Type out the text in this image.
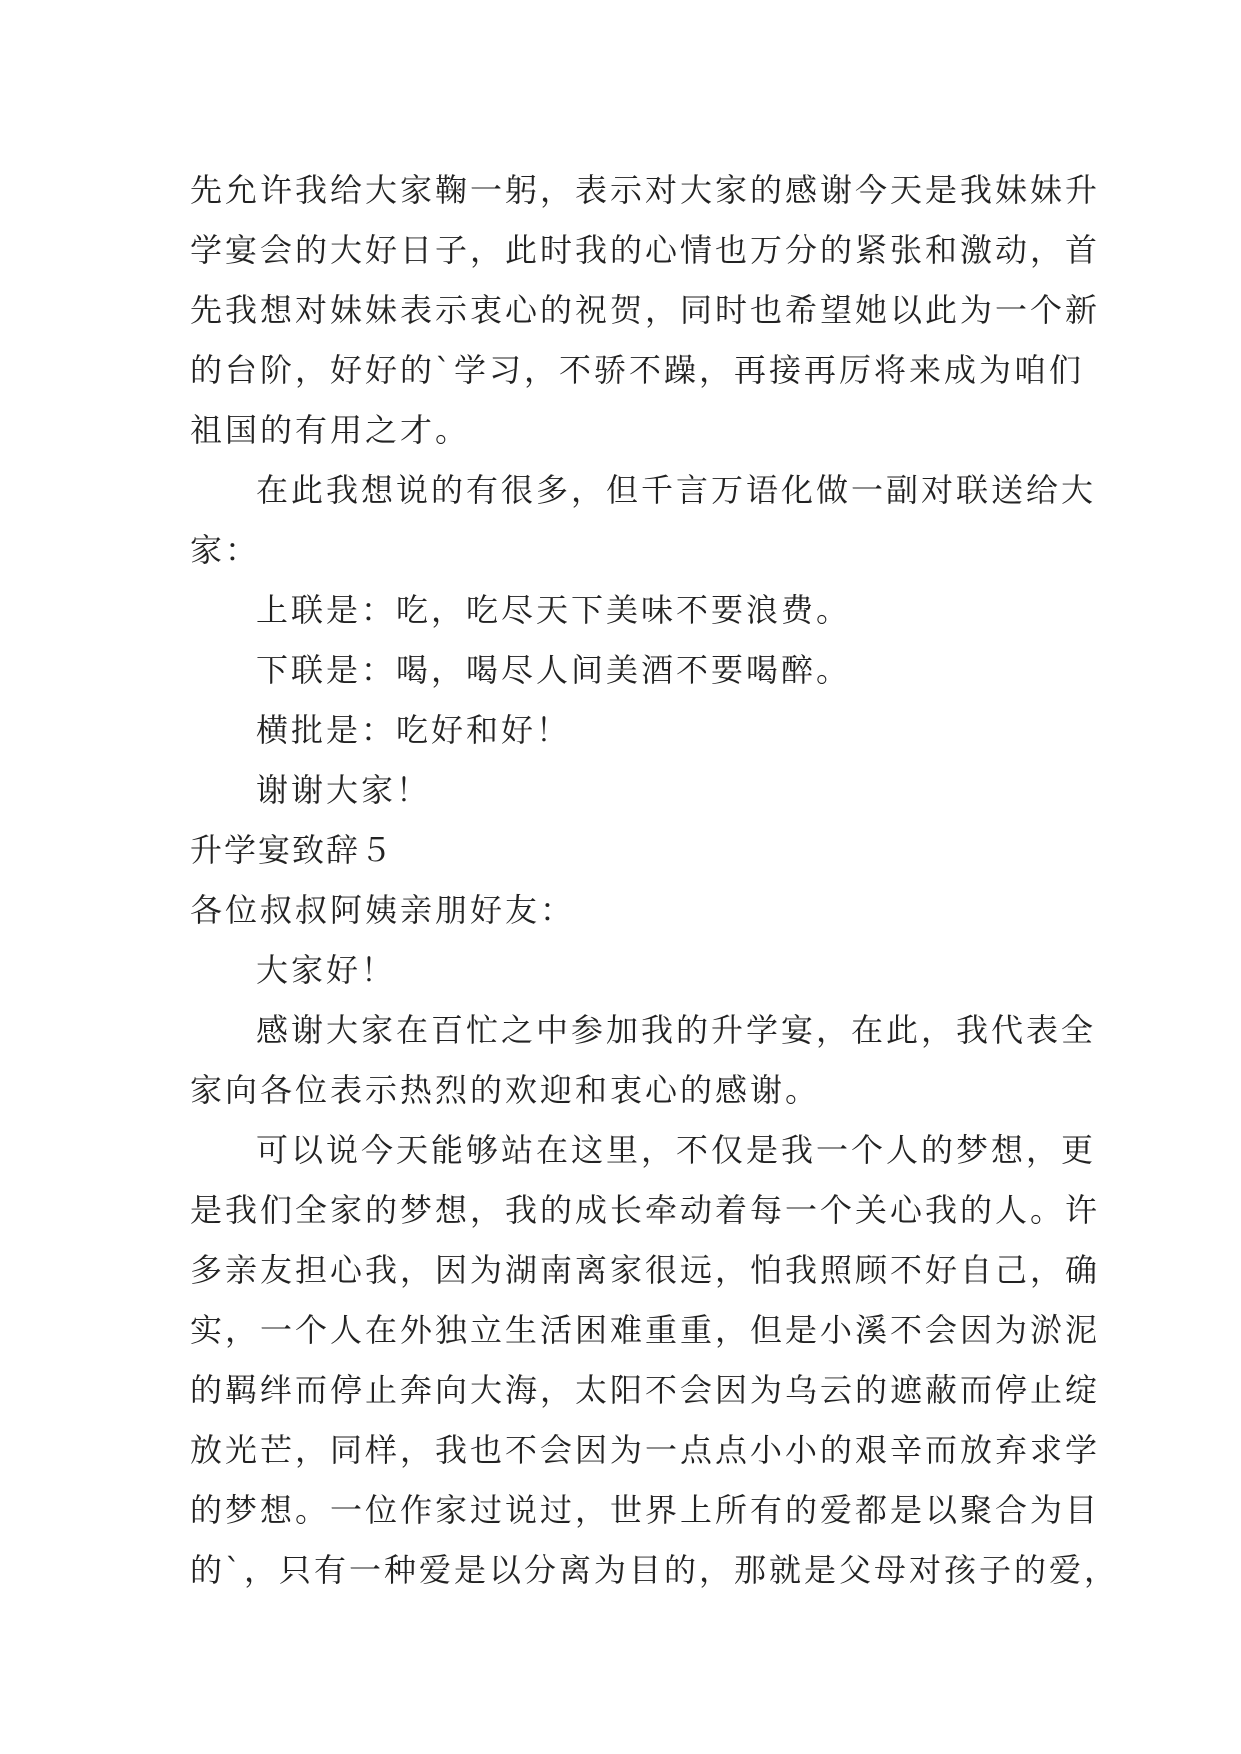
先允许我给大家鞠一躬，表示对大家的感谢今天是我妹妹升
学宴会的大好日子，此时我的心情也万分的紧张和激动，首
先我想对妹妹表示衷心的祝贺，同时也希望她以此为一个新
的台阶，好好的`学习，不骄不躁，再接再厉将来成为咱们
祖国的有用之才。
在此我想说的有很多，但千言万语化做一副对联送给大
家：
上联是：吃，吃尽天下美味不要浪费。
下联是：喝，喝尽人间美酒不要喝醉。
横批是：吃好和好！
谢谢大家！
升学宴致辞５
各位叔叔阿姨亲朋好友：
大家好！
感谢大家在百忙之中参加我的升学宴，在此，我代表全
家向各位表示热烈的欢迎和衷心的感谢。
可以说今天能够站在这里，不仅是我一个人的梦想，更
是我们全家的梦想，我的成长牵动着每一个关心我的人。许
多亲友担心我，因为湖南离家很远，怕我照顾不好自己，确
实，一个人在外独立生活困难重重，但是小溪不会因为淤泥
的羁绊而停止奔向大海，太阳不会因为乌云的遮蔽而停止绽
放光芒，同样，我也不会因为一点点小小的艰辛而放弃求学
的梦想。一位作家过说过，世界上所有的爱都是以聚合为目
的`，只有一种爱是以分离为目的，那就是父母对孩子的爱，
